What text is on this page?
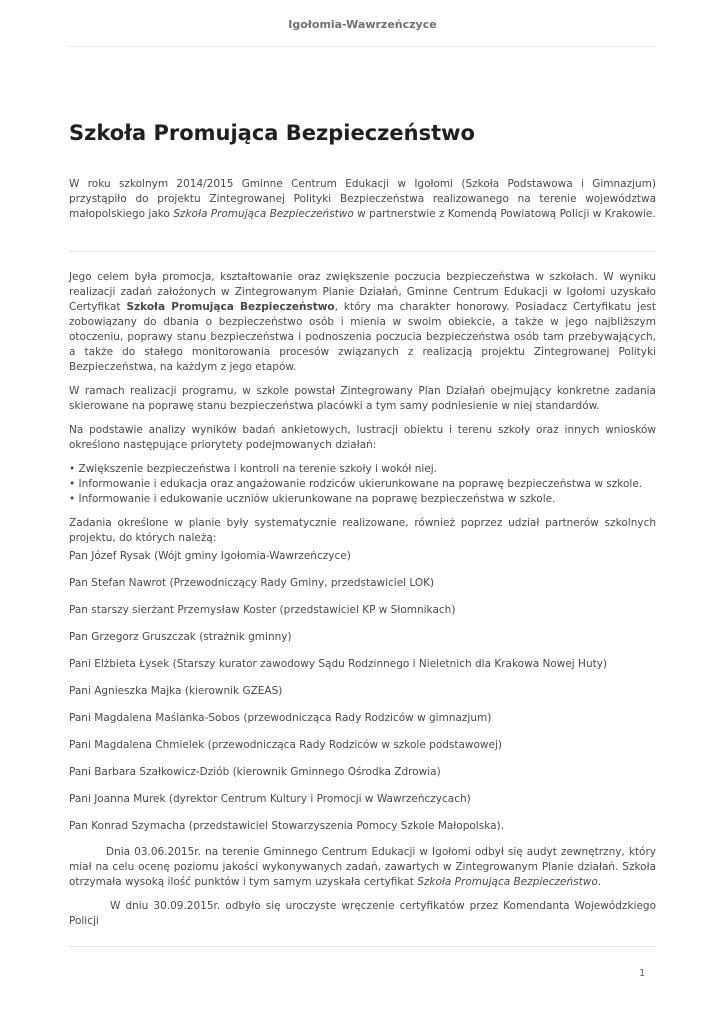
Igołomia-Wawrzeńczyce
Szkoła Promująca Bezpieczeństwo

W roku szkolnym 2014/2015 Gminne Centrum Edukacji w Igołomi (Szkoła Podstawowa i Gimnazjum) przystąpiło do projektu Zintegrowanej Polityki Bezpieczeństwa realizowanego na terenie województwa małopolskiego jako Szkoła Promująca Bezpieczeństwo w partnerstwie z Komendą Powiatową Policji w Krakowie.

Jego celem była promocja, kształtowanie oraz zwiększenie poczucia bezpieczeństwa w szkołach. W wyniku realizacji zadań założonych w Zintegrowanym Planie Działań, Gminne Centrum Edukacji w Igołomi uzyskało Certyfikat Szkoła Promująca Bezpieczeństwo, który ma charakter honorowy. Posiadacz Certyfikatu jest zobowiązany do dbania o bezpieczeństwo osób i mienia w swoim obiekcie, a także w jego najbliższym otoczeniu, poprawy stanu bezpieczeństwa i podnoszenia poczucia bezpieczeństwa osób tam przebywających, a także do stałego monitorowania procesów związanych z realizacją projektu Zintegrowanej Polityki Bezpieczeństwa, na każdym z jego etapów.

W ramach realizacji programu, w szkole powstał Zintegrowany Plan Działań obejmujący konkretne zadania skierowane na poprawę stanu bezpieczeństwa placówki a tym samy podniesienie w niej standardów.

Na podstawie analizy wyników badań ankietowych, lustracji obiektu i terenu szkoły oraz innych wniosków określono następujące priorytety podejmowanych działań:

• Zwiększenie bezpieczeństwa i kontroli na terenie szkoły i wokół niej.
• Informowanie i edukacja oraz angażowanie rodziców ukierunkowane na poprawę bezpieczeństwa w szkole.
• Informowanie i edukowanie uczniów ukierunkowane na poprawę bezpieczeństwa w szkole.

Zadania określone w planie były systematycznie realizowane, również poprzez udział partnerów szkolnych projektu, do których należą:

Pan Józef Rysak (Wójt gminy Igołomia-Wawrzeńczyce)

Pan Stefan Nawrot (Przewodniczący Rady Gminy, przedstawiciel LOK)

Pan starszy sierżant Przemysław Koster (przedstawiciel KP w Słomnikach)

Pan Grzegorz Gruszczak (strażnik gminny)

Pani Elżbieta Łysek (Starszy kurator zawodowy Sądu Rodzinnego i Nieletnich dla Krakowa Nowej Huty)

Pani Agnieszka Majka (kierownik GZEAS)

Pani Magdalena Maślanka-Sobos (przewodnicząca Rady Rodziców w gimnazjum)

Pani Magdalena Chmielek (przewodnicząca Rady Rodziców w szkole podstawowej)

Pani Barbara Szałkowicz-Dziób (kierownik Gminnego Ośrodka Zdrowia)

Pani Joanna Murek (dyrektor Centrum Kultury i Promocji w Wawrzeńczycach)

Pan Konrad Szymacha (przedstawiciel Stowarzyszenia Pomocy Szkole Małopolska).

Dnia 03.06.2015r. na terenie Gminnego Centrum Edukacji w Igołomi odbył się audyt zewnętrzny, który miał na celu ocenę poziomu jakości wykonywanych zadań, zawartych w Zintegrowanym Planie działań. Szkoła otrzymała wysoką ilość punktów i tym samym uzyskała certyfikat Szkoła Promująca Bezpieczeństwo.

W dniu 30.09.2015r. odbyło się uroczyste wręczenie certyfikatów przez Komendanta Wojewódzkiego Policji

1
